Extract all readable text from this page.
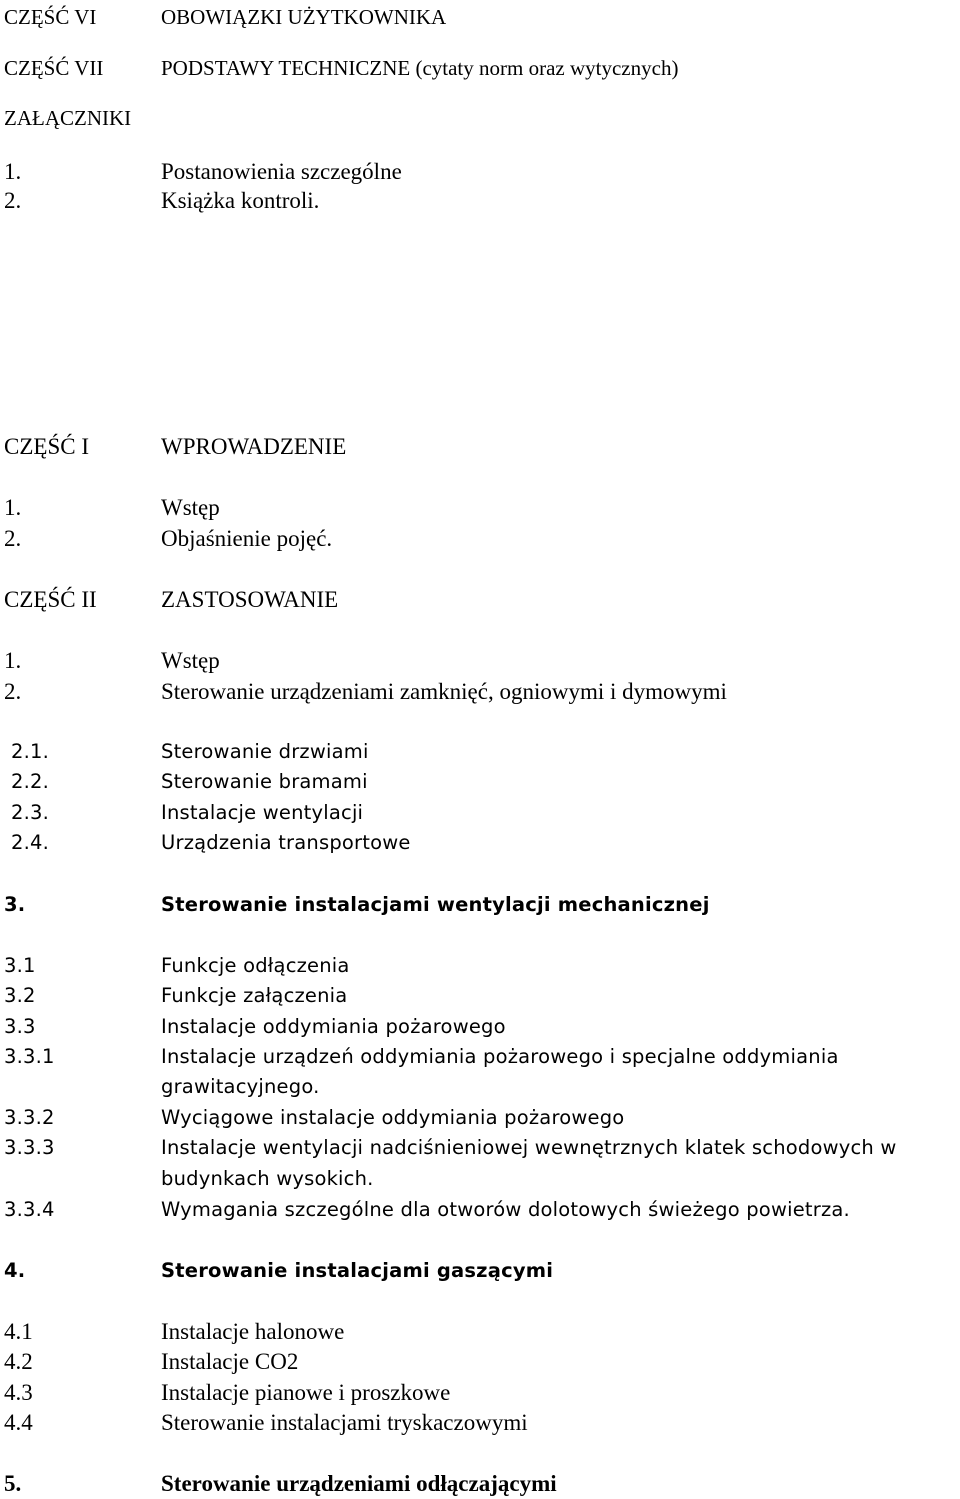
CZĘŚĆ VI	OBOWIĄZKI UŻYTKOWNIKA
CZĘŚĆ VII	PODSTAWY TECHNICZNE (cytaty norm oraz wytycznych)
ZAŁĄCZNIKI
1.	Postanowienia szczególne
2.	Książka kontroli.
CZĘŚĆ I	WPROWADZENIE
1.	Wstęp
2.	Objaśnienie pojęć.
CZĘŚĆ II	ZASTOSOWANIE
1.	Wstęp
2.	Sterowanie urządzeniami zamknięć, ogniowymi i dymowymi
2.1.	Sterowanie drzwiami
2.2.	Sterowanie bramami
2.3.	Instalacje wentylacji
2.4.	Urządzenia transportowe
3.	Sterowanie instalacjami wentylacji mechanicznej
3.1	Funkcje odłączenia
3.2	Funkcje załączenia
3.3	Instalacje oddymiania pożarowego
3.3.1	Instalacje urządzeń oddymiania pożarowego i specjalne oddymiania
grawitacyjnego.
3.3.2	Wyciągowe instalacje oddymiania pożarowego
3.3.3	Instalacje wentylacji nadciśnieniowej wewnętrznych klatek schodowych w
budynkach wysokich.
3.3.4	Wymagania szczególne dla otworów dolotowych świeżego powietrza.
4.	Sterowanie instalacjami gaszącymi
4.1	Instalacje halonowe
4.2	Instalacje CO2
4.3	Instalacje pianowe i proszkowe
4.4	Sterowanie instalacjami tryskaczowymi
5.	Sterowanie urządzeniami odłączającymi
